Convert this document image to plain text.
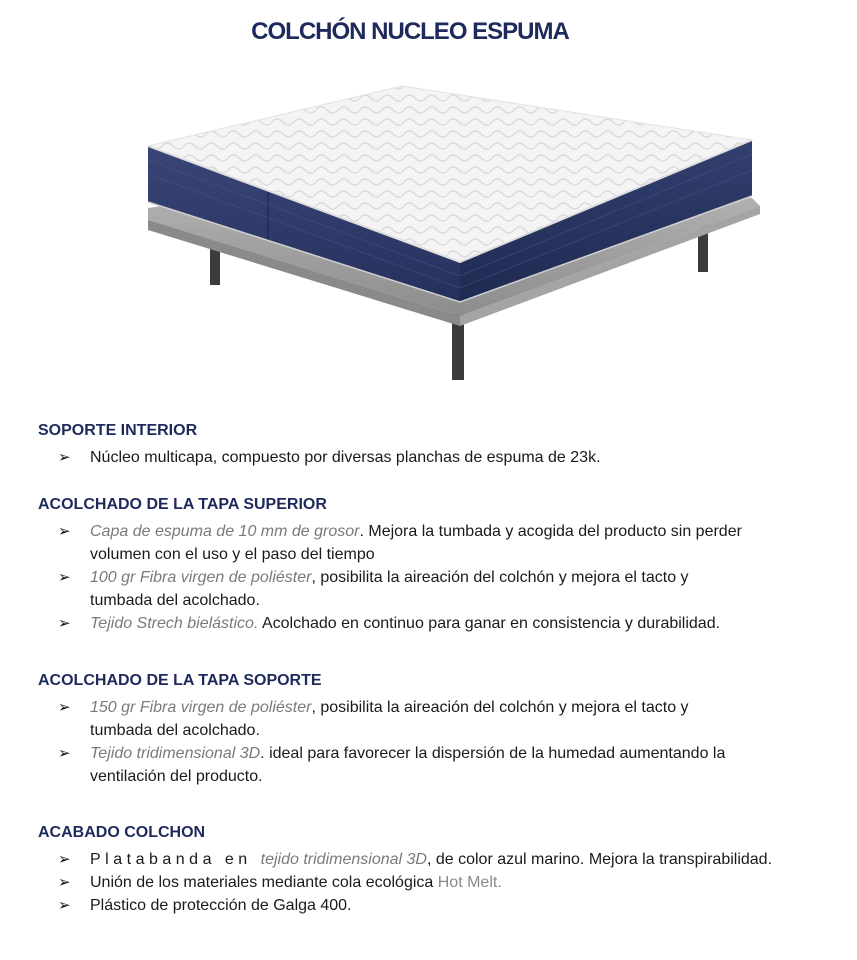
COLCHÓN NUCLEO ESPUMA
SOPORTE INTERIOR
➢ Núcleo multicapa, compuesto por diversas planchas de espuma de 23k.
ACOLCHADO DE LA TAPA SUPERIOR
➢ Capa de espuma de 10 mm de grosor. Mejora la tumbada y acogida del producto sin perder
volumen con el uso y el paso del tiempo
➢ 100 gr Fibra virgen de poliéster, posibilita la aireación del colchón y mejora el tacto y
tumbada del acolchado.
➢ Tejido Strech bielástico. Acolchado en continuo para ganar en consistencia y durabilidad.
ACOLCHADO DE LA TAPA SOPORTE
➢ 150 gr Fibra virgen de poliéster, posibilita la aireación del colchón y mejora el tacto y
tumbada del acolchado.
➢ Tejido tridimensional 3D. ideal para favorecer la dispersión de la humedad aumentando la
ventilación del producto.
ACABADO COLCHON
➢ Platabanda en tejido tridimensional 3D, de color azul marino. Mejora la transpirabilidad.
➢ Unión de los materiales mediante cola ecológica Hot Melt.
➢ Plástico de protección de Galga 400.
